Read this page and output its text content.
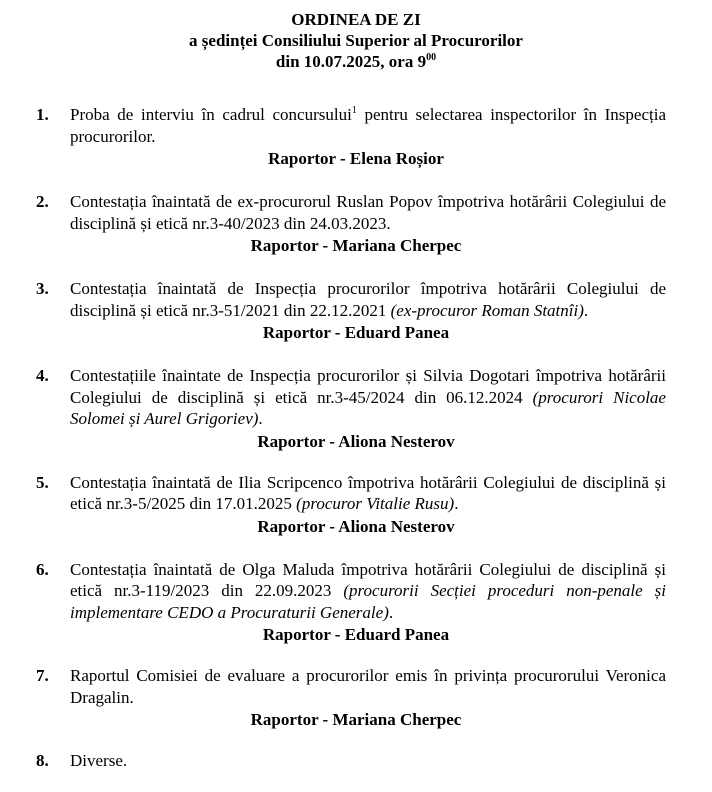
ORDINEA DE ZI
a ședinței Consiliului Superior al Procurorilor
din 10.07.2025, ora $9^{00}$
1.	Proba de interviu în cadrul concursului$^1$ pentru selectarea inspectorilor în Inspecția procurorilor.
Raportor - Elena Roșior
2.	Contestația înaintată de ex-procurorul Ruslan Popov împotriva hotărârii Colegiului de disciplină și etică nr.3-40/2023 din 24.03.2023.
Raportor - Mariana Cherpec
3.	Contestația înaintată de Inspecția procurorilor împotriva hotărârii Colegiului de disciplină și etică nr.3-51/2021 din 22.12.2021 (ex-procuror Roman Statnîi).
Raportor - Eduard Panea
4.	Contestațiile înaintate de Inspecția procurorilor și Silvia Dogotari împotriva hotărârii Colegiului de disciplină și etică nr.3-45/2024 din 06.12.2024 (procurori Nicolae Solomei și Aurel Grigoriev).
Raportor - Aliona Nesterov
5.	Contestația înaintată de Ilia Scripcenco împotriva hotărârii Colegiului de disciplină și etică nr.3-5/2025 din 17.01.2025 (procuror Vitalie Rusu).
Raportor - Aliona Nesterov
6.	Contestația înaintată de Olga Maluda împotriva hotărârii Colegiului de disciplină și etică nr.3-119/2023 din 22.09.2023 (procurorii Secției proceduri non-penale și implementare CEDO a Procuraturii Generale).
Raportor - Eduard Panea
7.	Raportul Comisiei de evaluare a procurorilor emis în privința procurorului Veronica Dragalin.
Raportor - Mariana Cherpec
8.	Diverse.
